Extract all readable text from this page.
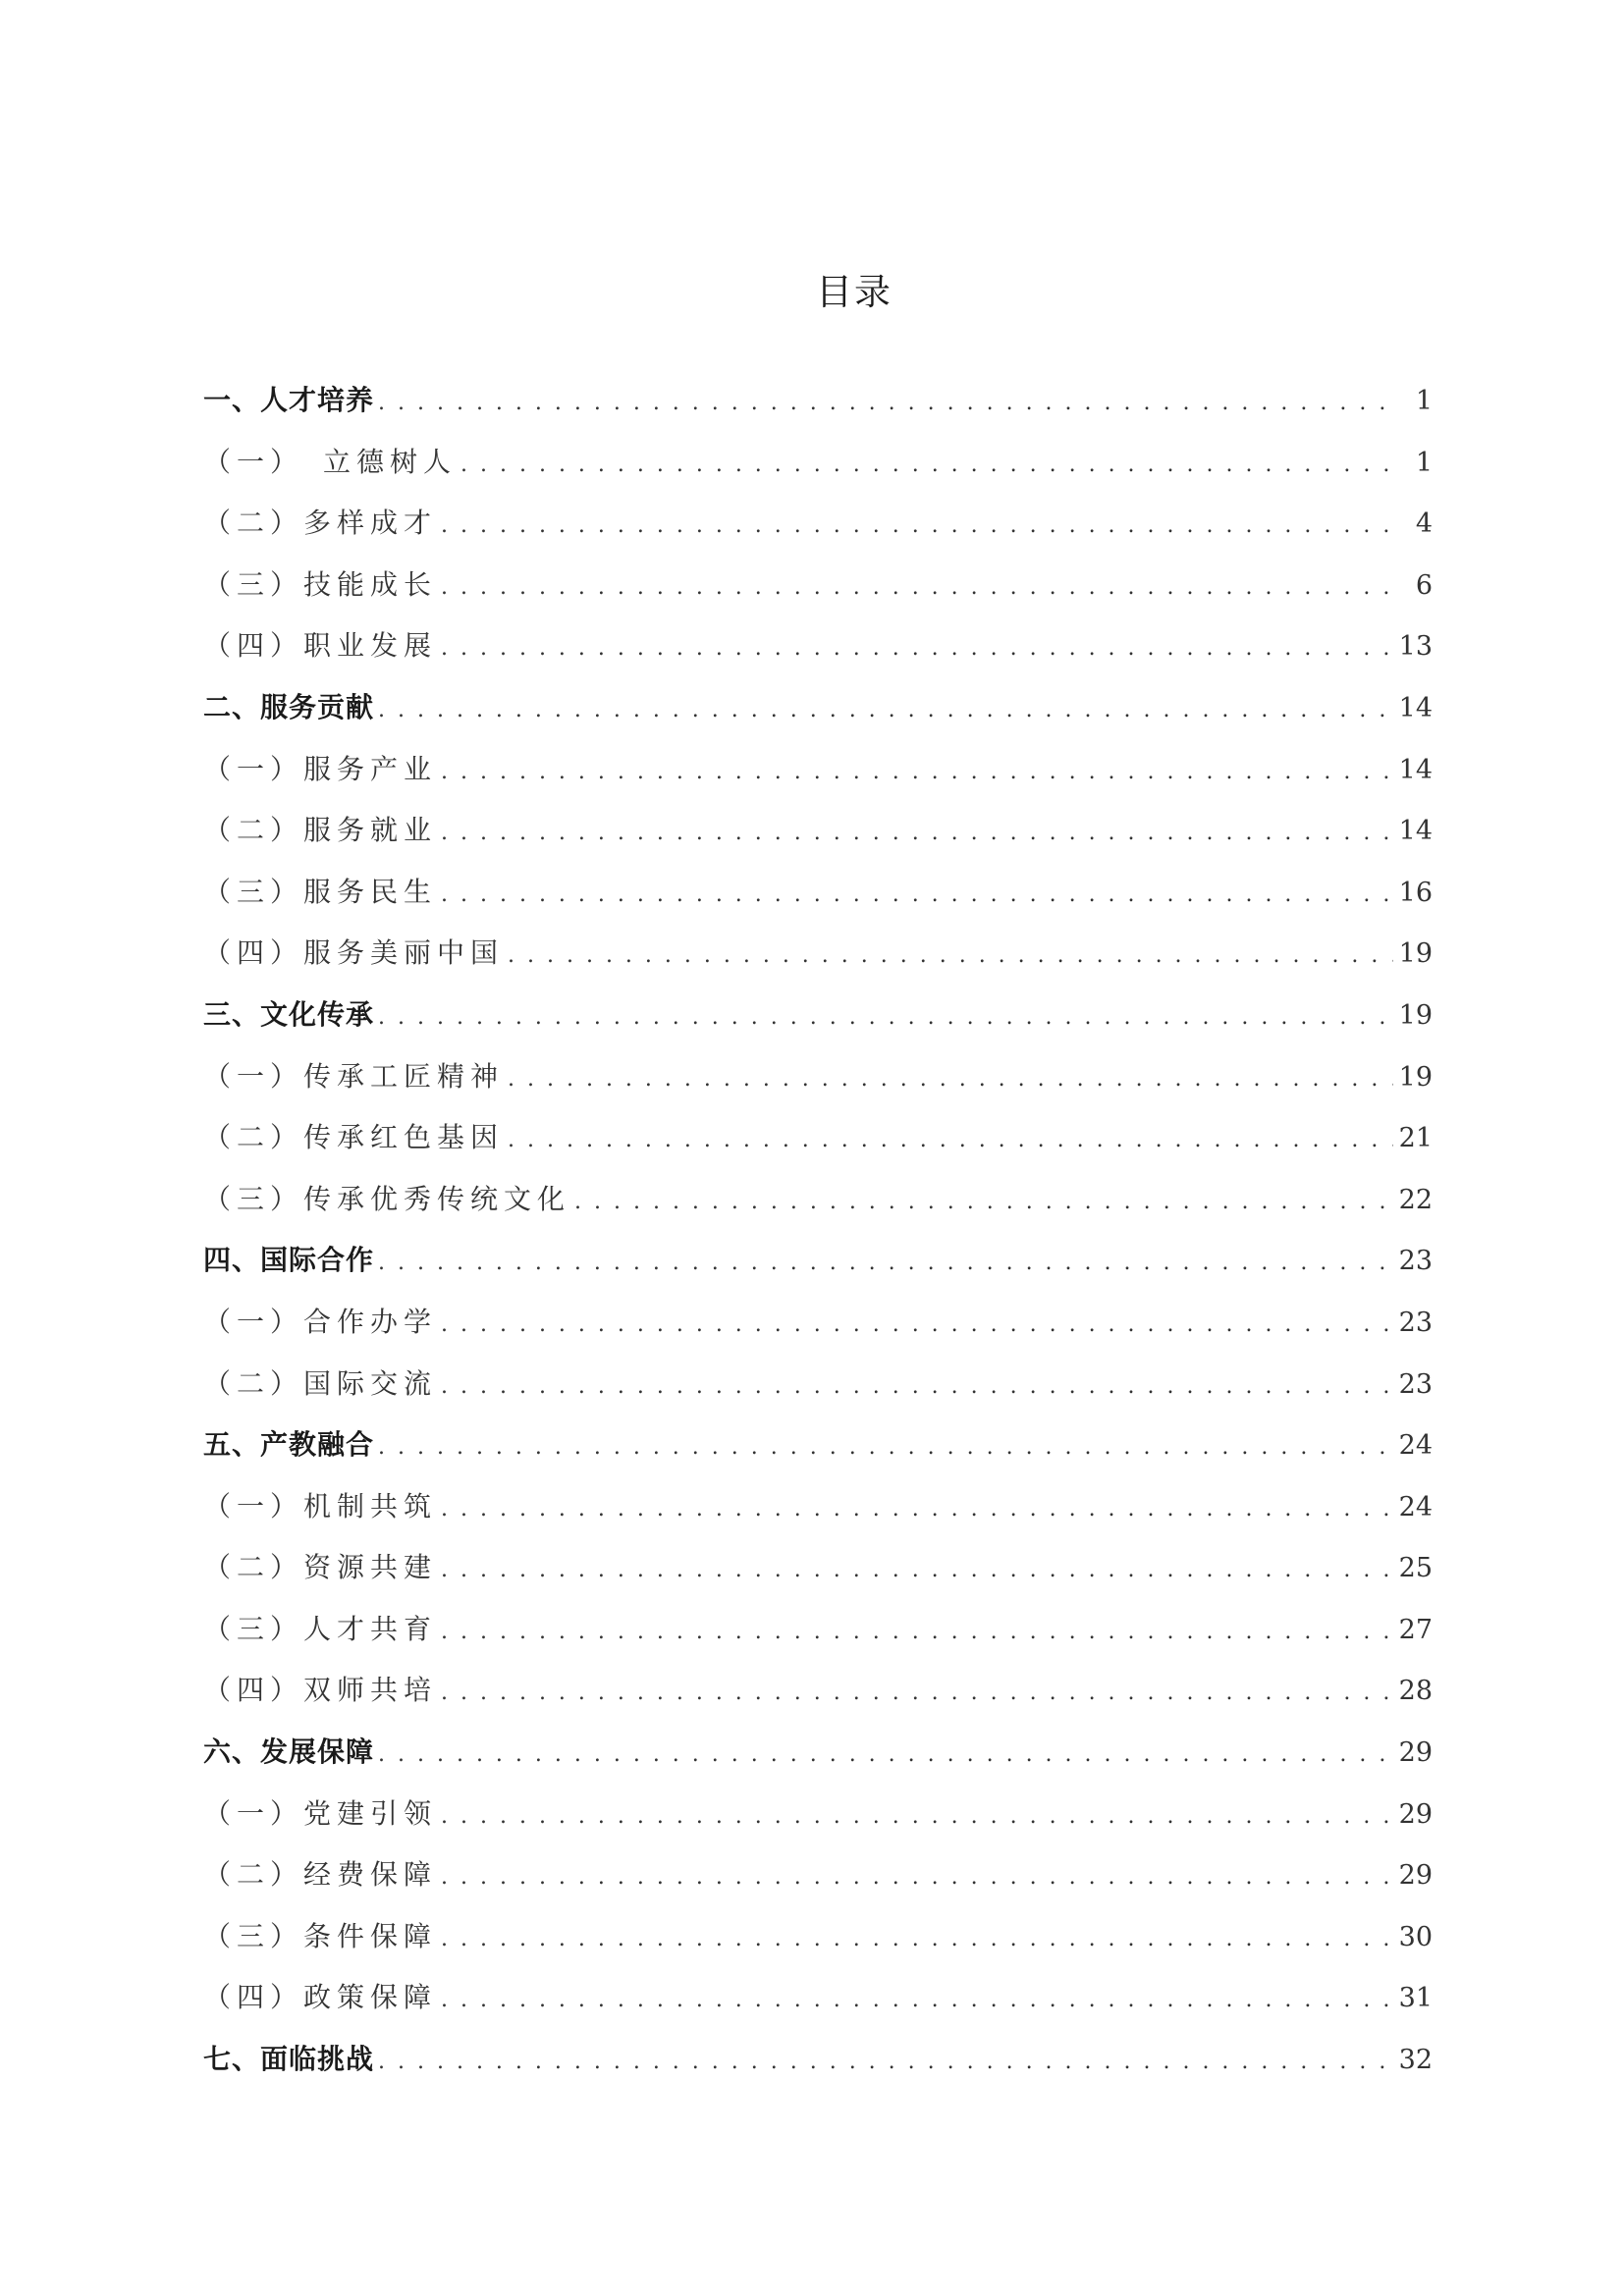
目录
一、人才培养 . . .	1
（一）　立德树人 . . .	1
（二）多样成才 . . .	4
（三）技能成长 . . .	6
（四）职业发展 . . .	13
二、服务贡献 . . .	14
（一）服务产业 . . .	14
（二）服务就业 . . .	14
（三）服务民生 . . .	16
（四）服务美丽中国 . . .	19
三、文化传承 . . .	19
（一）传承工匠精神 . . .	19
（二）传承红色基因 . . .	21
（三）传承优秀传统文化 . . .	22
四、国际合作 . . .	23
（一）合作办学 . . .	23
（二）国际交流 . . .	23
五、产教融合 . . .	24
（一）机制共筑 . . .	24
（二）资源共建 . . .	25
（三）人才共育 . . .	27
（四）双师共培 . . .	28
六、发展保障 . . .	29
（一）党建引领 . . .	29
（二）经费保障 . . .	29
（三）条件保障 . . .	30
（四）政策保障 . . .	31
七、面临挑战 . . .	32
